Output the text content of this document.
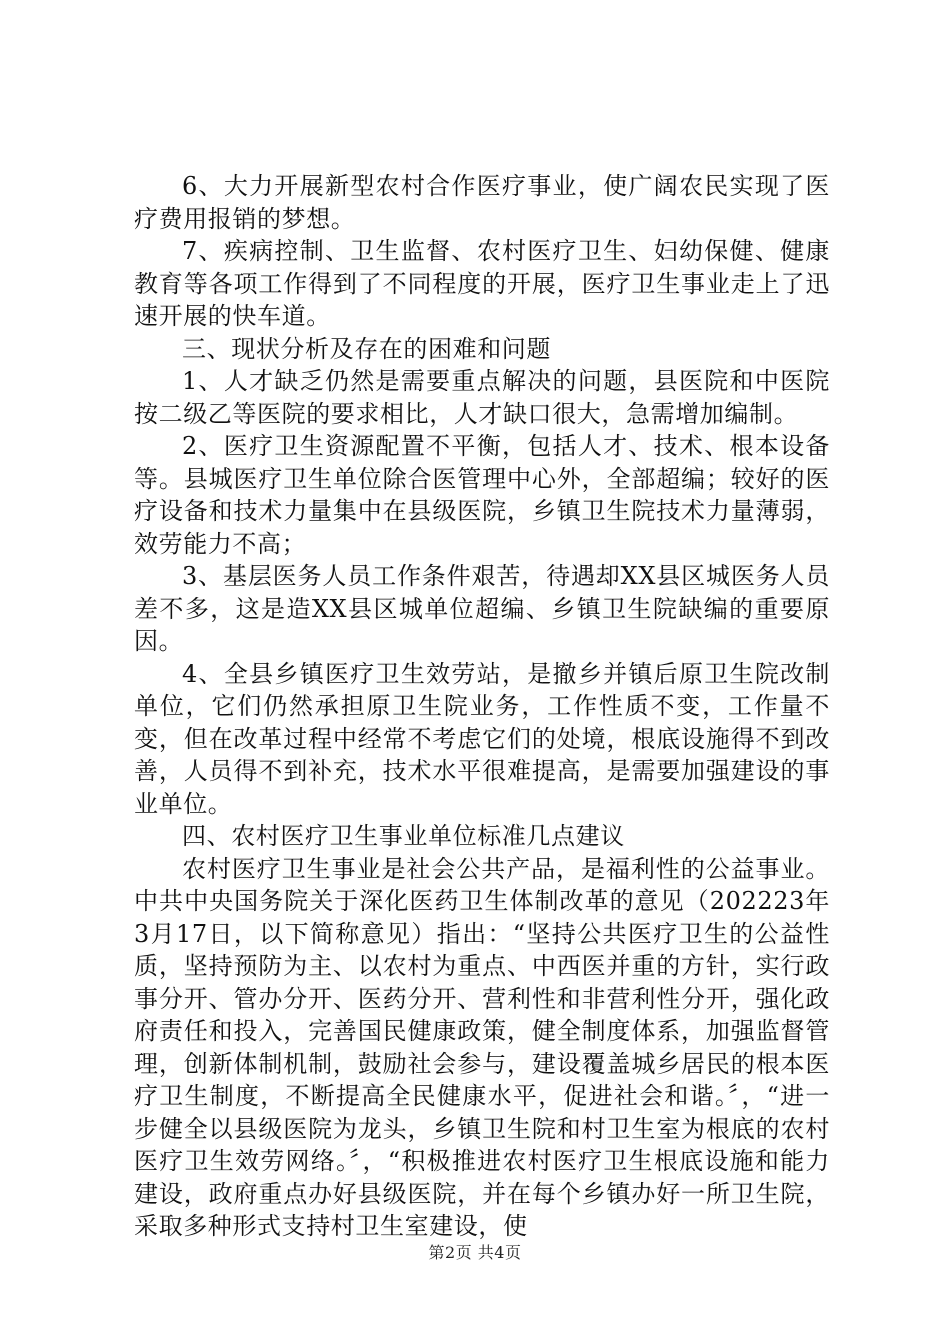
6、大力开展新型农村合作医疗事业，使广阔农民实现了医疗费用报销的梦想。

7、疾病控制、卫生监督、农村医疗卫生、妇幼保健、健康教育等各项工作得到了不同程度的开展，医疗卫生事业走上了迅速开展的快车道。

三、现状分析及存在的困难和问题

1、人才缺乏仍然是需要重点解决的问题，县医院和中医院按二级乙等医院的要求相比，人才缺口很大，急需增加编制。

2、医疗卫生资源配置不平衡，包括人才、技术、根本设备等。县城医疗卫生单位除合医管理中心外，全部超编；较好的医疗设备和技术力量集中在县级医院，乡镇卫生院技术力量薄弱，效劳能力不高；

3、基层医务人员工作条件艰苦，待遇却XX县区城医务人员差不多，这是造XX县区城单位超编、乡镇卫生院缺编的重要原因。

4、全县乡镇医疗卫生效劳站，是撤乡并镇后原卫生院改制单位，它们仍然承担原卫生院业务，工作性质不变，工作量不变，但在改革过程中经常不考虑它们的处境，根底设施得不到改善，人员得不到补充，技术水平很难提高，是需要加强建设的事业单位。

四、农村医疗卫生事业单位标准几点建议

农村医疗卫生事业是社会公共产品，是福利性的公益事业。中共中央国务院关于深化医药卫生体制改革的意见（202223年3月17日，以下简称意见）指出：“坚持公共医疗卫生的公益性质，坚持预防为主、以农村为重点、中西医并重的方针，实行政事分开、管办分开、医药分开、营利性和非营利性分开，强化政府责任和投入，完善国民健康政策，健全制度体系，加强监督管理，创新体制机制，鼓励社会参与，建设覆盖城乡居民的根本医疗卫生制度，不断提高全民健康水平，促进社会和谐。〞，“进一步健全以县级医院为龙头，乡镇卫生院和村卫生室为根底的农村医疗卫生效劳网络。〞，“积极推进农村医疗卫生根底设施和能力建设，政府重点办好县级医院，并在每个乡镇办好一所卫生院，采取多种形式支持村卫生室建设，使

第2页 共4页
